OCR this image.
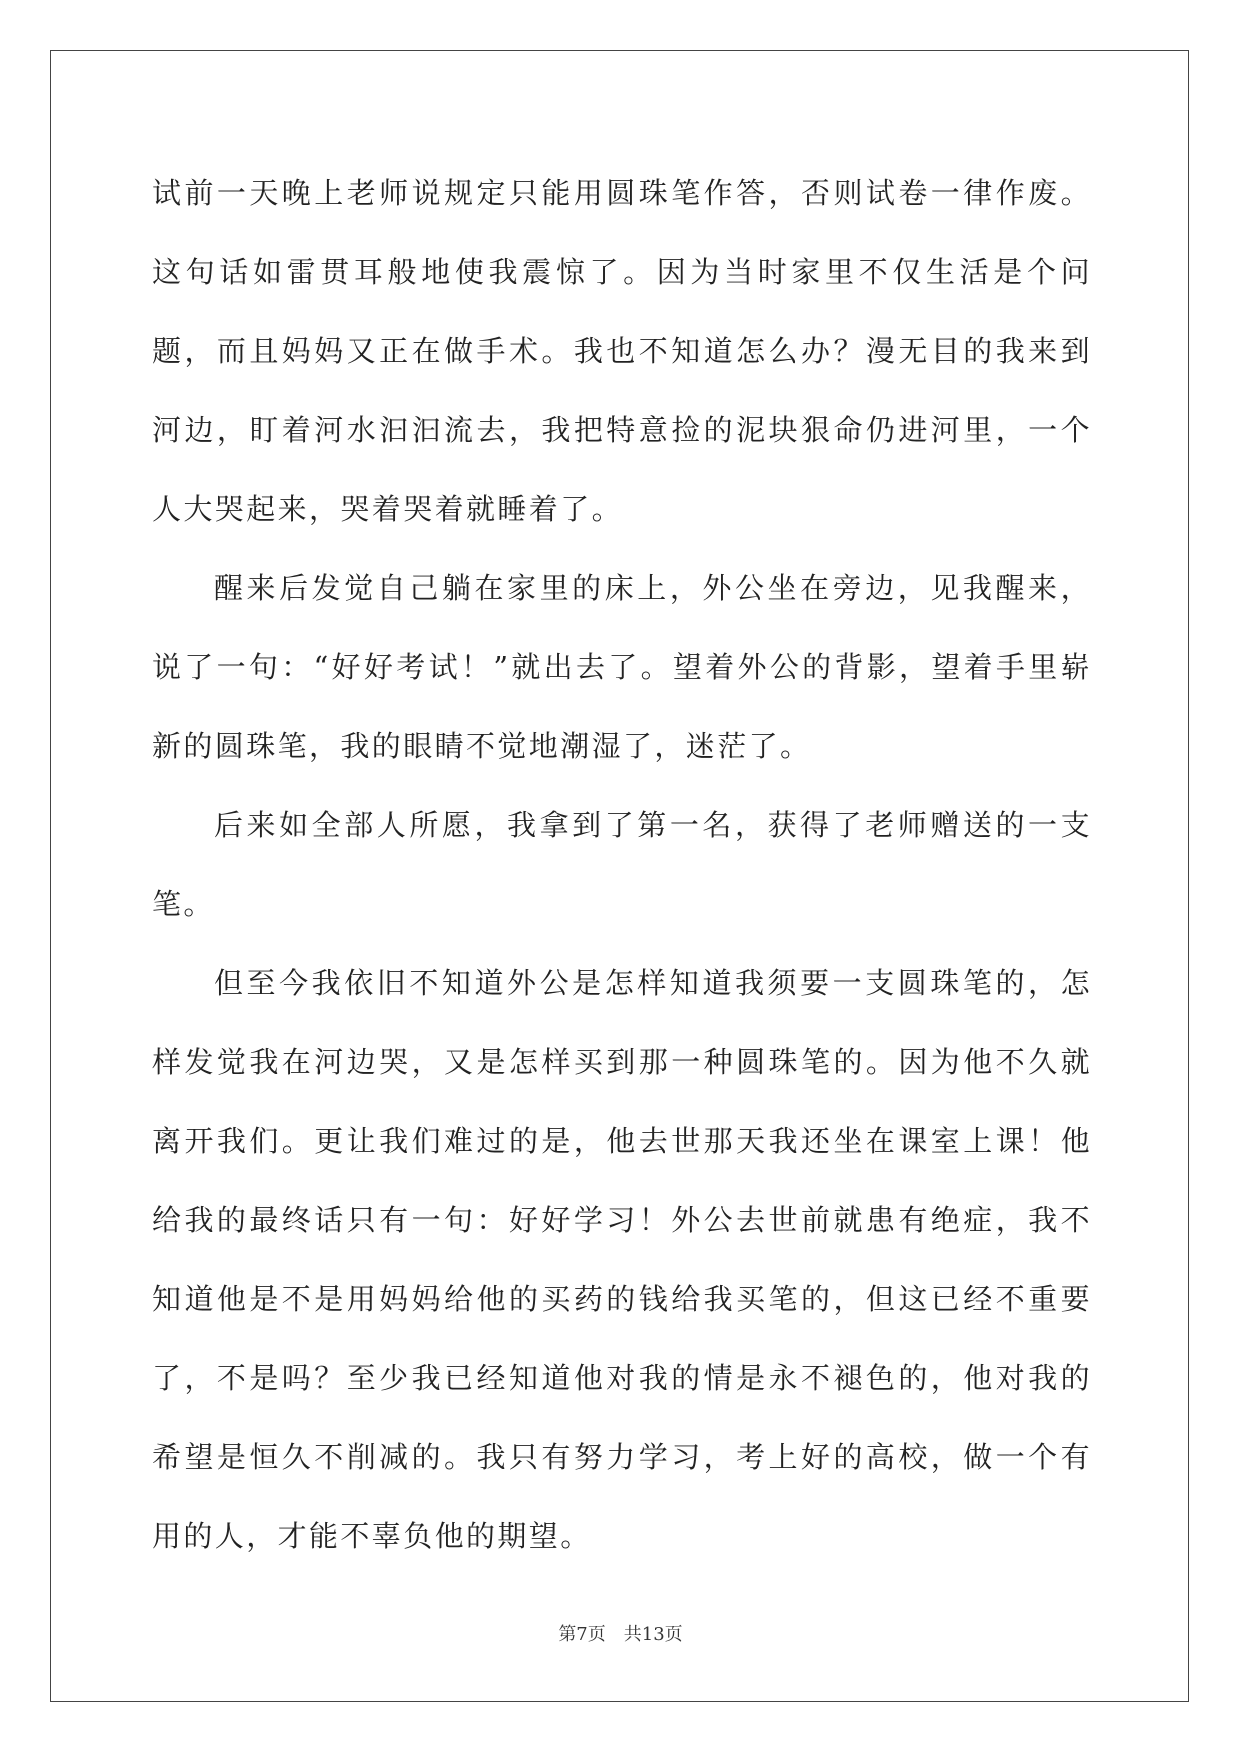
试前一天晚上老师说规定只能用圆珠笔作答，否则试卷一律作废。这句话如雷贯耳般地使我震惊了。因为当时家里不仅生活是个问题，而且妈妈又正在做手术。我也不知道怎么办？漫无目的我来到河边，盯着河水汩汩流去，我把特意捡的泥块狠命仍进河里，一个人大哭起来，哭着哭着就睡着了。

醒来后发觉自己躺在家里的床上，外公坐在旁边，见我醒来，说了一句：“好好考试！”就出去了。望着外公的背影，望着手里崭新的圆珠笔，我的眼睛不觉地潮湿了，迷茫了。

后来如全部人所愿，我拿到了第一名，获得了老师赠送的一支笔。

但至今我依旧不知道外公是怎样知道我须要一支圆珠笔的，怎样发觉我在河边哭，又是怎样买到那一种圆珠笔的。因为他不久就离开我们。更让我们难过的是，他去世那天我还坐在课室上课！他给我的最终话只有一句：好好学习！外公去世前就患有绝症，我不知道他是不是用妈妈给他的买药的钱给我买笔的，但这已经不重要了，不是吗？至少我已经知道他对我的情是永不褪色的，他对我的希望是恒久不削减的。我只有努力学习，考上好的高校，做一个有用的人，才能不辜负他的期望。

第7页 共13页
